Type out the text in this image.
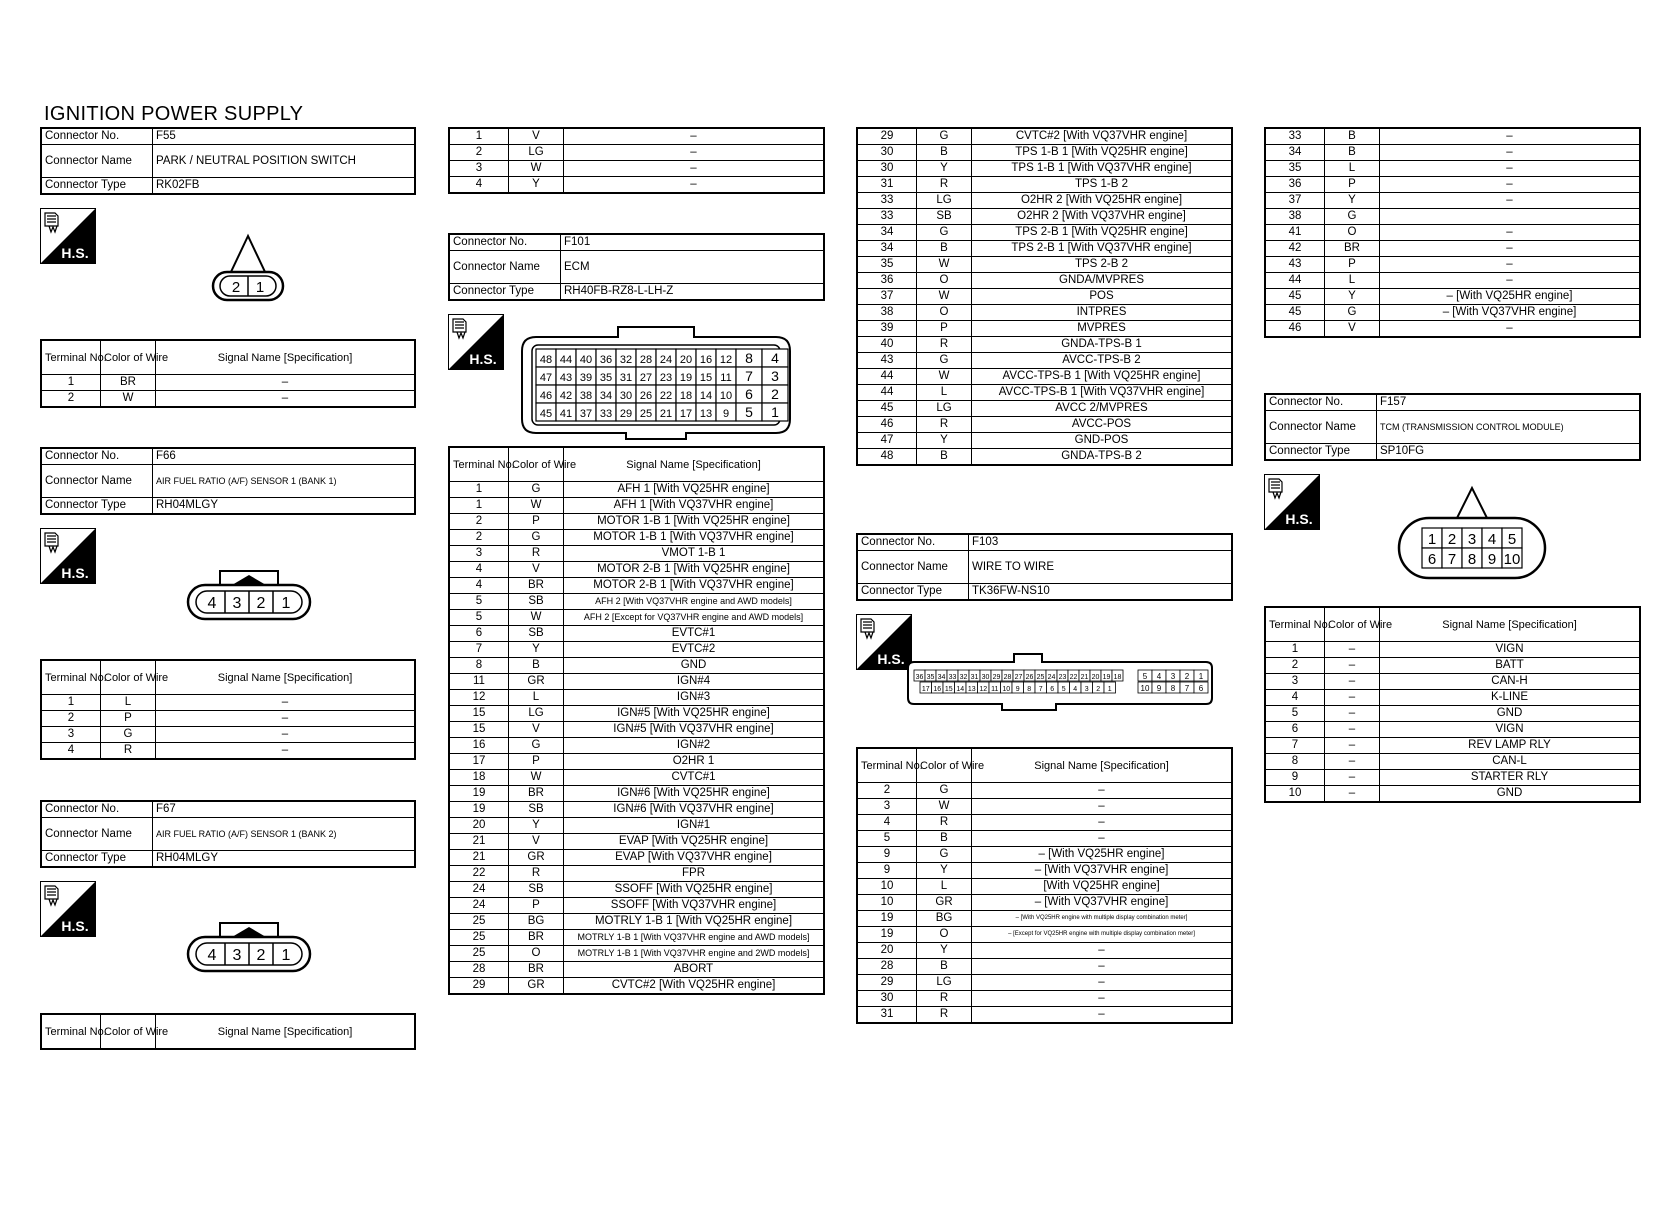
IGNITION POWER SUPPLY
Connector No.	F55
Connector Name	PARK / NEUTRAL POSITION SWITCH
Connector Type	RK02FB
2 1
Terminal No.	Color of Wire	Signal Name [Specification]
1	BR	–
2	W	–
Connector No.	F66
Connector Name	AIR FUEL RATIO (A/F) SENSOR 1 (BANK 1)
Connector Type	RH04MLGY
4 3 2 1
Terminal No.	Color of Wire	Signal Name [Specification]
1	L	–
2	P	–
3	G	–
4	R	–
Connector No.	F67
Connector Name	AIR FUEL RATIO (A/F) SENSOR 1 (BANK 2)
Connector Type	RH04MLGY
4 3 2 1
Terminal No.	Color of Wire	Signal Name [Specification]
1	V	–
2	LG	–
3	W	–
4	Y	–
Connector No.	F101
Connector Name	ECM
Connector Type	RH40FB-RZ8-L-LH-Z
48 44 40 36 32 28 24 20 16 12 8 4
47 43 39 35 31 27 23 19 15 11 7 3
46 42 38 34 30 26 22 18 14 10 6 2
45 41 37 33 29 25 21 17 13 9 5 1
Terminal No.	Color of Wire	Signal Name [Specification]
1	G	AFH 1 [With VQ25HR engine]
1	W	AFH 1 [With VQ37VHR engine]
2	P	MOTOR 1-B 1 [With VQ25HR engine]
2	G	MOTOR 1-B 1 [With VQ37VHR engine]
3	R	VMOT 1-B 1
4	V	MOTOR 2-B 1 [With VQ25HR engine]
4	BR	MOTOR 2-B 1 [With VQ37VHR engine]
5	SB	AFH 2 [With VQ37VHR engine and AWD models]
5	W	AFH 2 [Except for VQ37VHR engine and AWD models]
6	SB	EVTC#1
7	Y	EVTC#2
8	B	GND
11	GR	IGN#4
12	L	IGN#3
15	LG	IGN#5 [With VQ25HR engine]
15	V	IGN#5 [With VQ37VHR engine]
16	G	IGN#2
17	P	O2HR 1
18	W	CVTC#1
19	BR	IGN#6 [With VQ25HR engine]
19	SB	IGN#6 [With VQ37VHR engine]
20	Y	IGN#1
21	V	EVAP [With VQ25HR engine]
21	GR	EVAP [With VQ37VHR engine]
22	R	FPR
24	SB	SSOFF [With VQ25HR engine]
24	P	SSOFF [With VQ37VHR engine]
25	BG	MOTRLY 1-B 1 [With VQ25HR engine]
25	BR	MOTRLY 1-B 1 [With VQ37VHR engine and AWD models]
25	O	MOTRLY 1-B 1 [With VQ37VHR engine and 2WD models]
28	BR	ABORT
29	GR	CVTC#2 [With VQ25HR engine]
29	G	CVTC#2 [With VQ37VHR engine]
30	B	TPS 1-B 1 [With VQ25HR engine]
30	Y	TPS 1-B 1 [With VQ37VHR engine]
31	R	TPS 1-B 2
33	LG	O2HR 2 [With VQ25HR engine]
33	SB	O2HR 2 [With VQ37VHR engine]
34	G	TPS 2-B 1 [With VQ25HR engine]
34	B	TPS 2-B 1 [With VQ37VHR engine]
35	W	TPS 2-B 2
36	O	GNDA/MVPRES
37	W	POS
38	O	INTPRES
39	P	MVPRES
40	R	GNDA-TPS-B 1
43	G	AVCC-TPS-B 2
44	W	AVCC-TPS-B 1 [With VQ25HR engine]
44	L	AVCC-TPS-B 1 [With VQ37VHR engine]
45	LG	AVCC 2/MVPRES
46	R	AVCC-POS
47	Y	GND-POS
48	B	GNDA-TPS-B 2
Connector No.	F103
Connector Name	WIRE TO WIRE
Connector Type	TK36FW-NS10
36 35 34 33 32 31 30 29 28 27 26 25 24 23 22 21 20 19 18
17 16 15 14 13 12 11 10 9 8 7 6 5 4 3 2 1
5 4 3 2 1
10 9 8 7 6
Terminal No.	Color of Wire	Signal Name [Specification]
2	G	–
3	W	–
4	R	–
5	B	–
9	G	– [With VQ25HR engine]
9	Y	– [With VQ37VHR engine]
10	L	[With VQ25HR engine]
10	GR	– [With VQ37VHR engine]
19	BG	– [With VQ25HR engine with multiple display combination meter]
19	O	– [Except for VQ25HR engine with multiple display combination meter]
20	Y	–
28	B	–
29	LG	–
30	R	–
31	R	–
33	B	–
34	B	–
35	L	–
36	P	–
37	Y	–
38	G	
41	O	–
42	BR	–
43	P	–
44	L	–
45	Y	– [With VQ25HR engine]
45	G	– [With VQ37VHR engine]
46	V	–
Connector No.	F157
Connector Name	TCM (TRANSMISSION CONTROL MODULE)
Connector Type	SP10FG
1 2 3 4 5
6 7 8 9 10
Terminal No.	Color of Wire	Signal Name [Specification]
1	–	VIGN
2	–	BATT
3	–	CAN-H
4	–	K-LINE
5	–	GND
6	–	VIGN
7	–	REV LAMP RLY
8	–	CAN-L
9	–	STARTER RLY
10	–	GND
